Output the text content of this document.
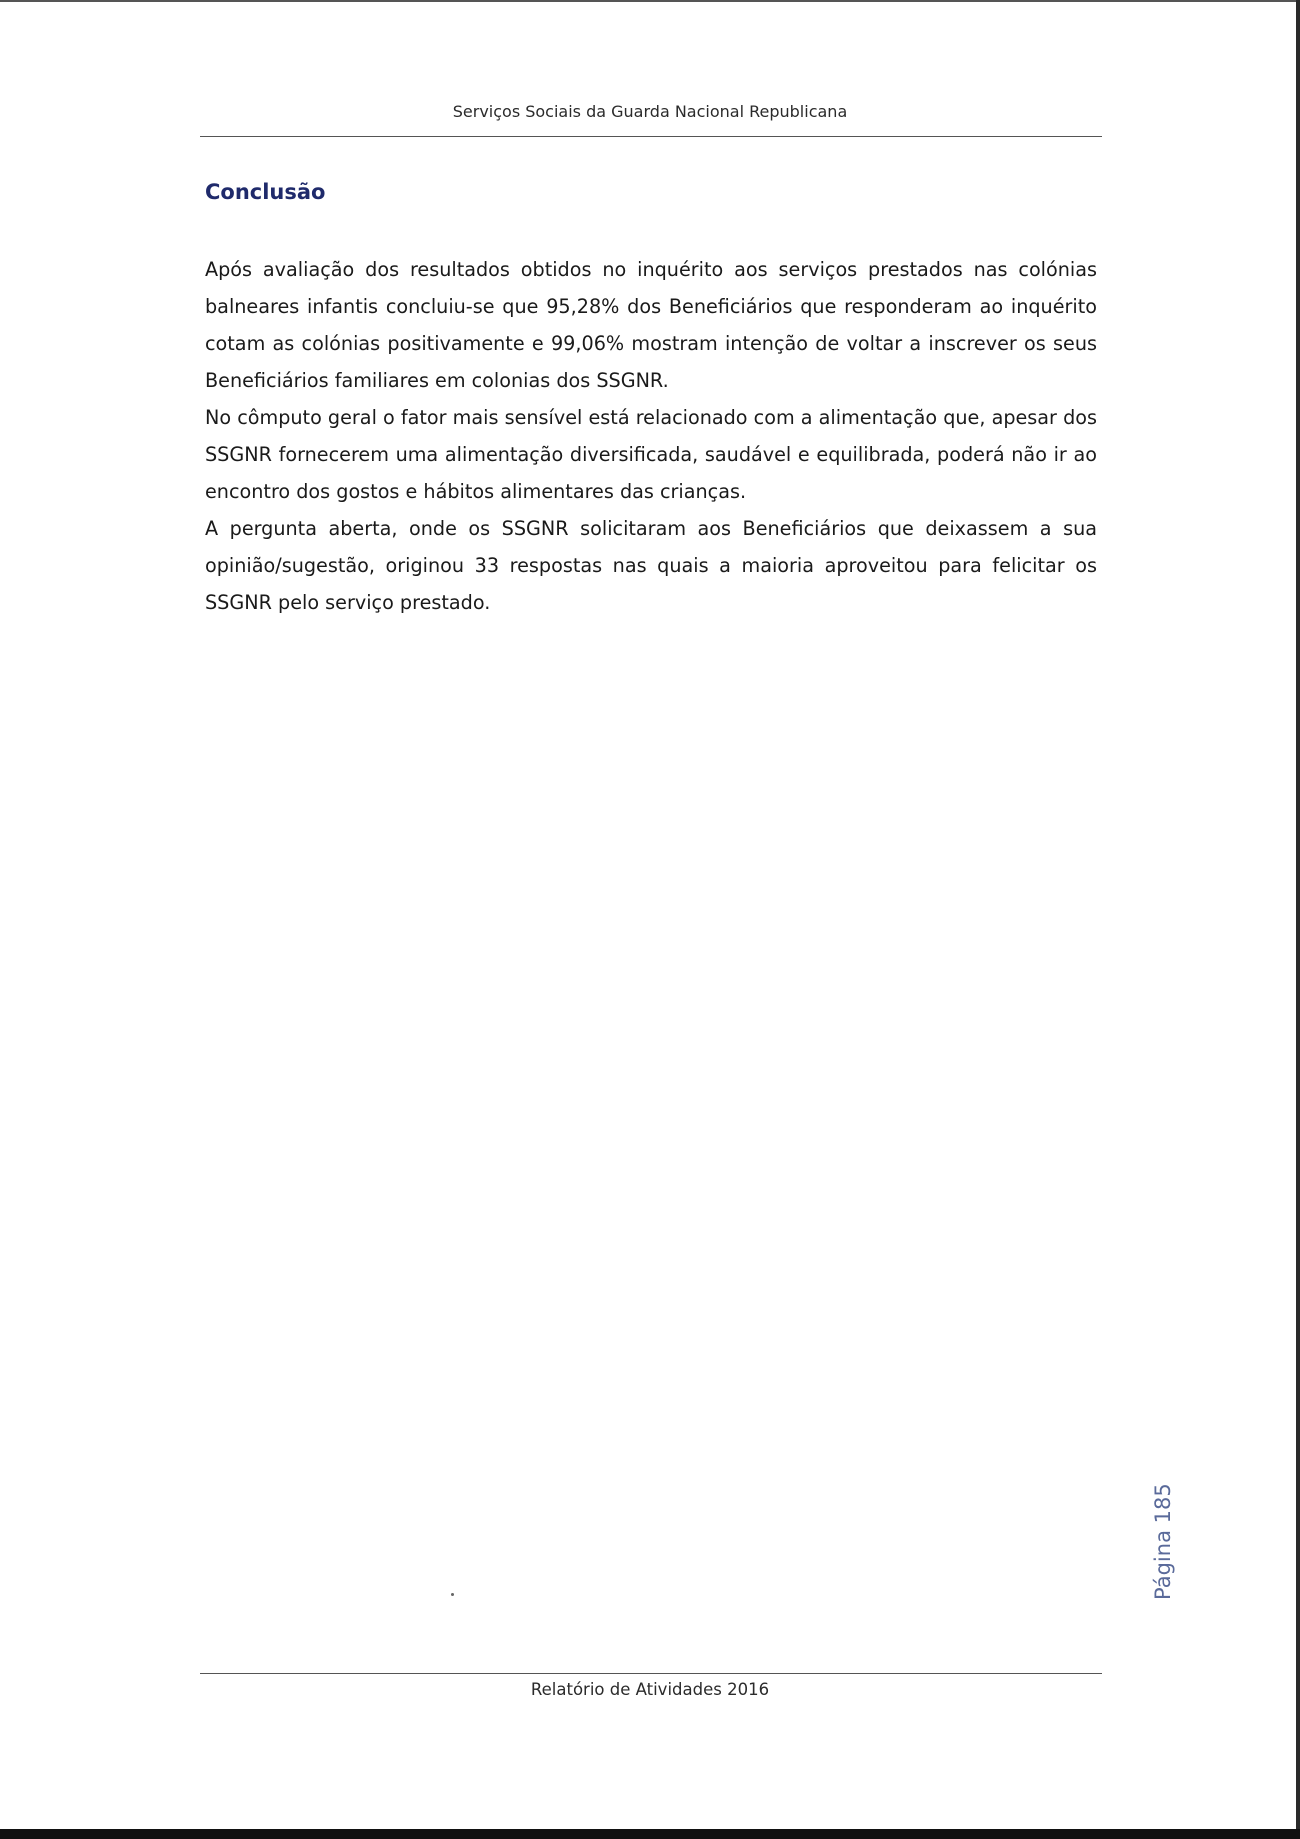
Serviços Sociais da Guarda Nacional Republicana
Conclusão

Após avaliação dos resultados obtidos no inquérito aos serviços prestados nas colónias balneares infantis concluiu-se que 95,28% dos Beneficiários que responderam ao inquérito cotam as colónias positivamente e 99,06% mostram intenção de voltar a inscrever os seus Beneficiários familiares em colonias dos SSGNR.

No cômputo geral o fator mais sensível está relacionado com a alimentação que, apesar dos SSGNR fornecerem uma alimentação diversificada, saudável e equilibrada, poderá não ir ao encontro dos gostos e hábitos alimentares das crianças.

A pergunta aberta, onde os SSGNR solicitaram aos Beneficiários que deixassem a sua opinião/sugestão, originou 33 respostas nas quais a maioria aproveitou para felicitar os SSGNR pelo serviço prestado.

Página 185
Relatório de Atividades 2016
